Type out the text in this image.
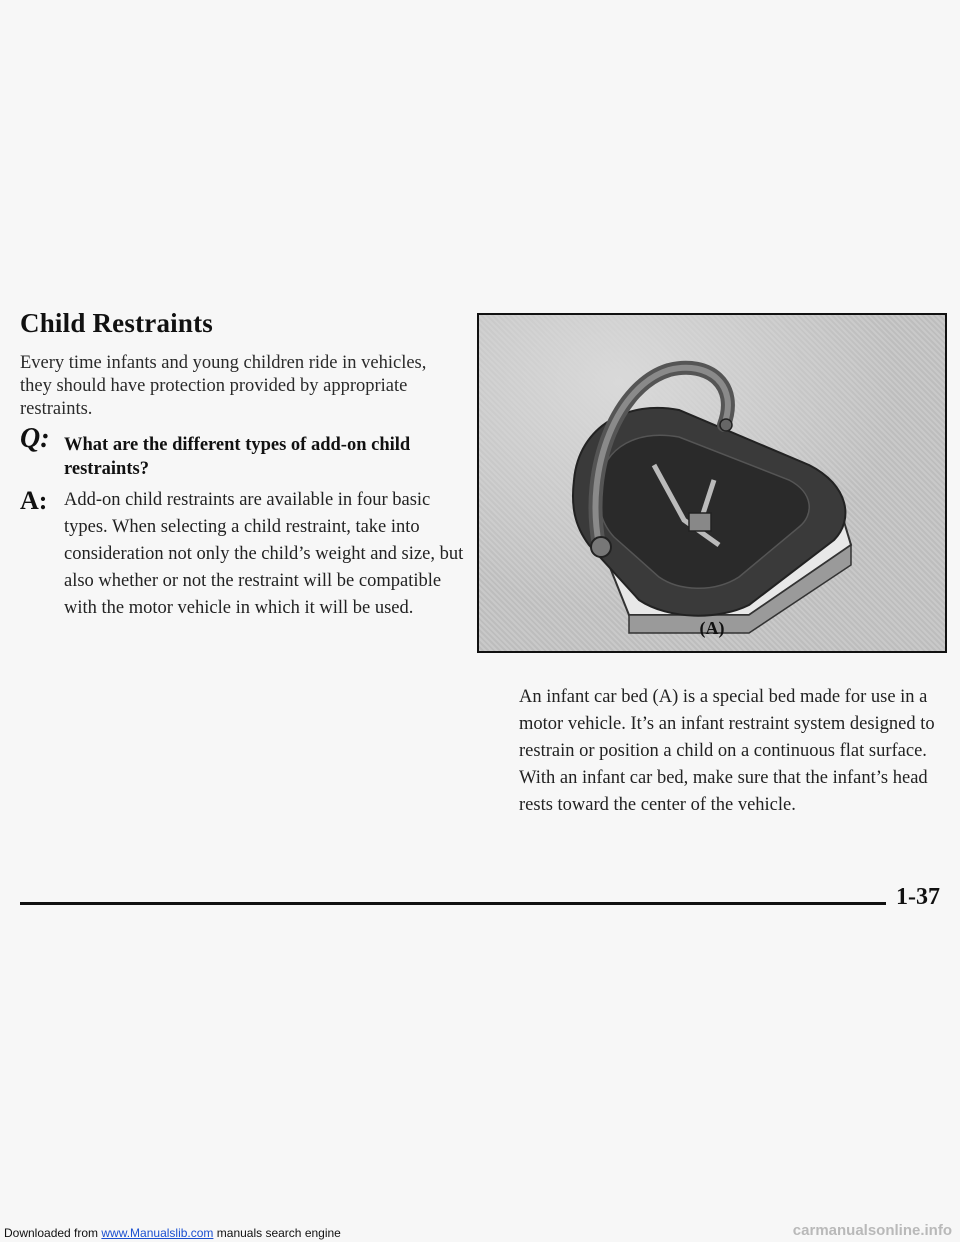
Child Restraints

Every time infants and young children ride in vehicles, they should have protection provided by appropriate restraints.

Q: What are the different types of add-on child restraints?

A: Add-on child restraints are available in four basic types. When selecting a child restraint, take into consideration not only the child’s weight and size, but also whether or not the restraint will be compatible with the motor vehicle in which it will be used.

(A)

An infant car bed (A) is a special bed made for use in a motor vehicle. It’s an infant restraint system designed to restrain or position a child on a continuous flat surface. With an infant car bed, make sure that the infant’s head rests toward the center of the vehicle.

1-37
Downloaded from www.Manualslib.com manuals search engine	carmanualsonline.info
